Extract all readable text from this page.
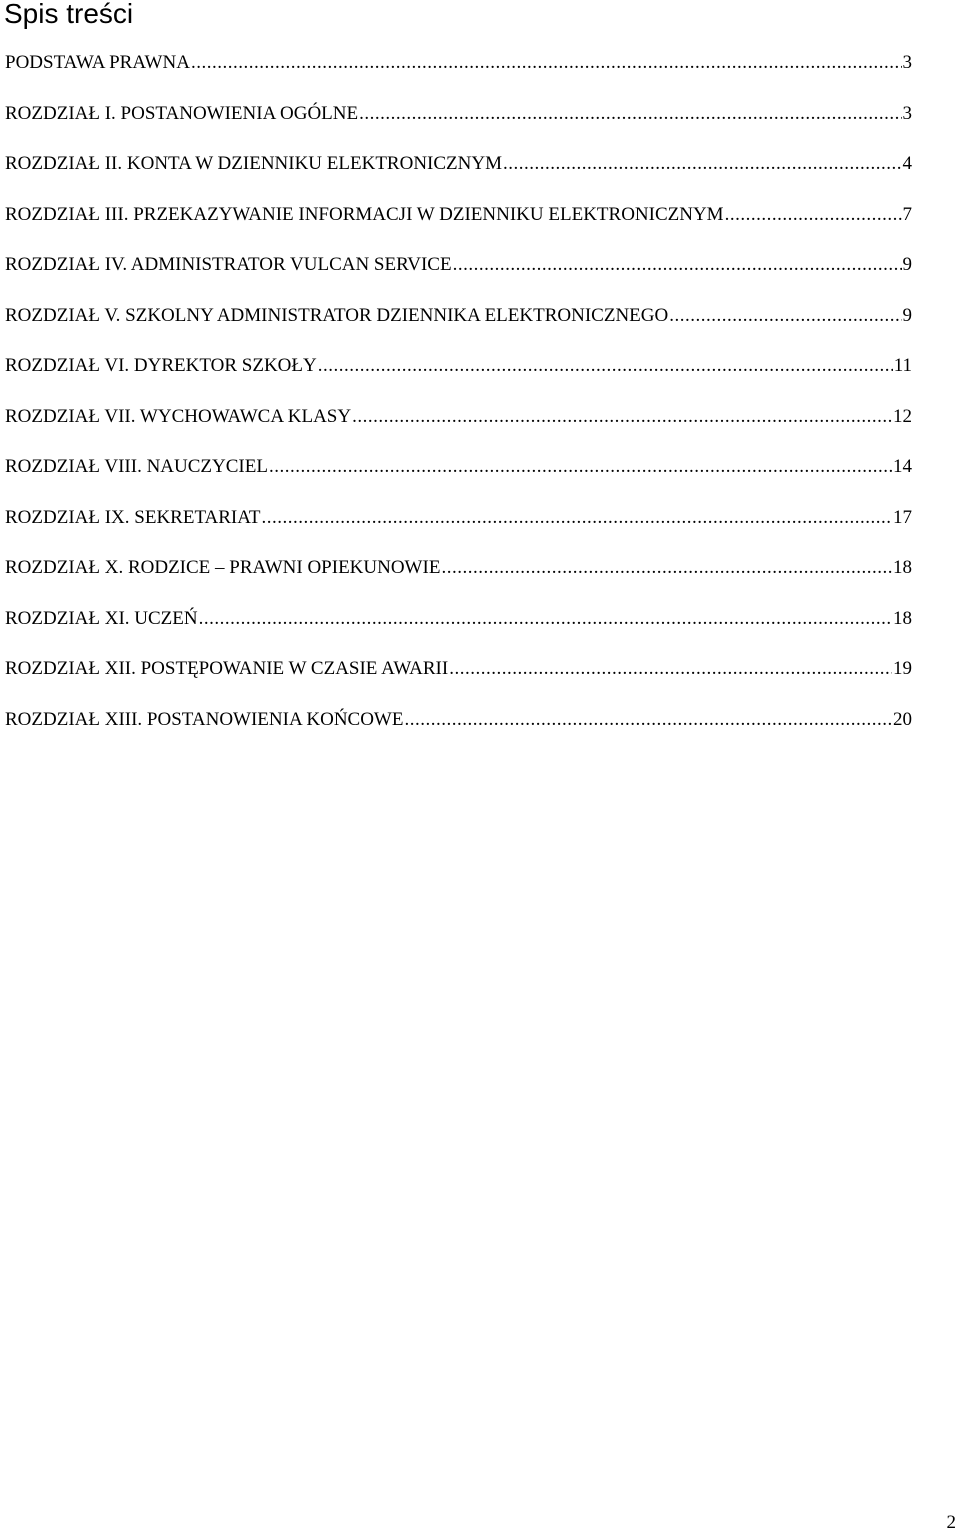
Spis treści
PODSTAWA PRAWNA .....	3
ROZDZIAŁ I. POSTANOWIENIA OGÓLNE .....	3
ROZDZIAŁ II. KONTA W DZIENNIKU ELEKTRONICZNYM .....	4
ROZDZIAŁ III. PRZEKAZYWANIE INFORMACJI W DZIENNIKU ELEKTRONICZNYM .....	7
ROZDZIAŁ IV. ADMINISTRATOR VULCAN SERVICE .....	9
ROZDZIAŁ V. SZKOLNY ADMINISTRATOR DZIENNIKA ELEKTRONICZNEGO .....	9
ROZDZIAŁ VI. DYREKTOR SZKOŁY .....	11
ROZDZIAŁ VII. WYCHOWAWCA KLASY .....	12
ROZDZIAŁ VIII. NAUCZYCIEL .....	14
ROZDZIAŁ IX. SEKRETARIAT .....	17
ROZDZIAŁ X. RODZICE – PRAWNI OPIEKUNOWIE .....	18
ROZDZIAŁ XI. UCZEŃ .....	18
ROZDZIAŁ XII. POSTĘPOWANIE W CZASIE AWARII .....	19
ROZDZIAŁ XIII. POSTANOWIENIA KOŃCOWE .....	20
2
